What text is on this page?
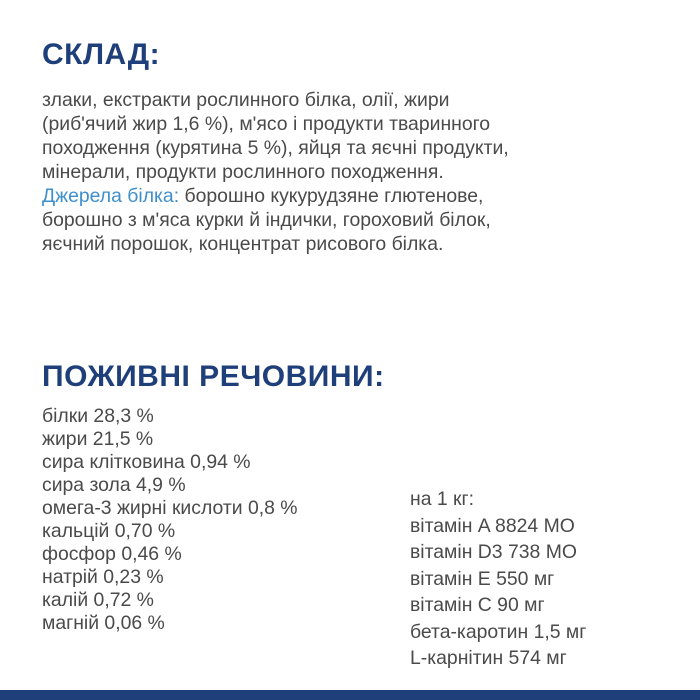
СКЛАД:

злаки, екстракти рослинного білка, олії, жири
(риб'ячий жир 1,6 %), м'ясо і продукти тваринного
походження (курятина 5 %), яйця та яєчні продукти,
мінерали, продукти рослинного походження.
Джерела білка: борошно кукурудзяне глютенове,
борошно з м'яса курки й індички, гороховий білок,
яєчний порошок, концентрат рисового білка.

ПОЖИВНІ РЕЧОВИНИ:
білки 28,3 %
жири 21,5 %
сира клітковина 0,94 %
сира зола 4,9 %
омега-3 жирні кислоти 0,8 %
кальцій 0,70 %
фосфор 0,46 %
натрій 0,23 %
калій 0,72 %
магній 0,06 %
на 1 кг:
вітамін A 8824 МО
вітамін D3 738 МО
вітамін Е 550 мг
вітамін С 90 мг
бета-каротин 1,5 мг
L-карнітин 574 мг
